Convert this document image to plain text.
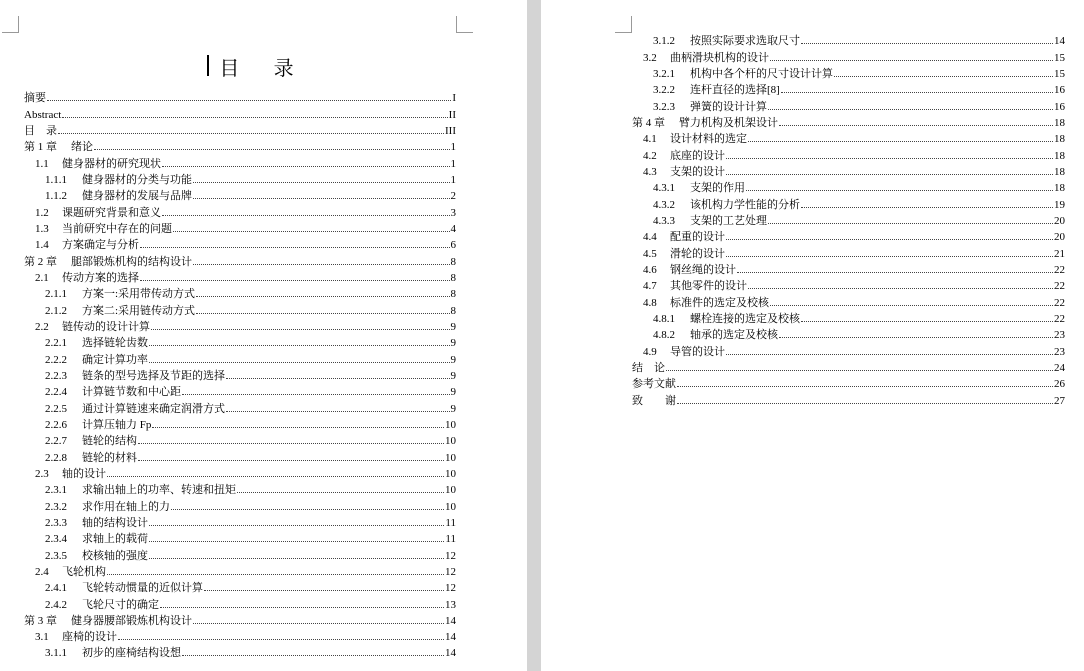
目 录
摘要	I
Abstract	II
目　录	III
第 1 章 绪论	1
1.1 健身器材的研究现状	1
1.1.1 健身器材的分类与功能	1
1.1.2 健身器材的发展与品牌	2
1.2 课题研究背景和意义	3
1.3 当前研究中存在的问题	4
1.4 方案确定与分析	6
第 2 章 腿部锻炼机构的结构设计	8
2.1 传动方案的选择	8
2.1.1 方案一:采用带传动方式	8
2.1.2 方案二:采用链传动方式	8
2.2 链传动的设计计算	9
2.2.1 选择链轮齿数	9
2.2.2 确定计算功率	9
2.2.3 链条的型号选择及节距的选择	9
2.2.4 计算链节数和中心距	9
2.2.5 通过计算链速来确定润滑方式	9
2.2.6 计算压轴力 Fp	10
2.2.7 链轮的结构	10
2.2.8 链轮的材料	10
2.3 轴的设计	10
2.3.1 求输出轴上的功率、转速和扭矩	10
2.3.2 求作用在轴上的力	10
2.3.3 轴的结构设计	11
2.3.4 求轴上的载荷	11
2.3.5 校核轴的强度	12
2.4 飞轮机构	12
2.4.1 飞轮转动惯量的近似计算	12
2.4.2 飞轮尺寸的确定	13
第 3 章 健身器腰部锻炼机构设计	14
3.1 座椅的设计	14
3.1.1 初步的座椅结构设想	14
3.1.2 按照实际要求选取尺寸	14
3.2 曲柄滑块机构的设计	15
3.2.1 机构中各个杆的尺寸设计计算	15
3.2.2 连杆直径的选择[8]	16
3.2.3 弹簧的设计计算	16
第 4 章 臂力机构及机架设计	18
4.1 设计材料的选定	18
4.2 底座的设计	18
4.3 支架的设计	18
4.3.1 支架的作用	18
4.3.2 该机构力学性能的分析	19
4.3.3 支架的工艺处理	20
4.4 配重的设计	20
4.5 滑轮的设计	21
4.6 钢丝绳的设计	22
4.7 其他零件的设计	22
4.8 标准件的选定及校核	22
4.8.1 螺栓连接的选定及校核	22
4.8.2 轴承的选定及校核	23
4.9 导管的设计	23
结　论	24
参考文献	26
致　　谢	27
